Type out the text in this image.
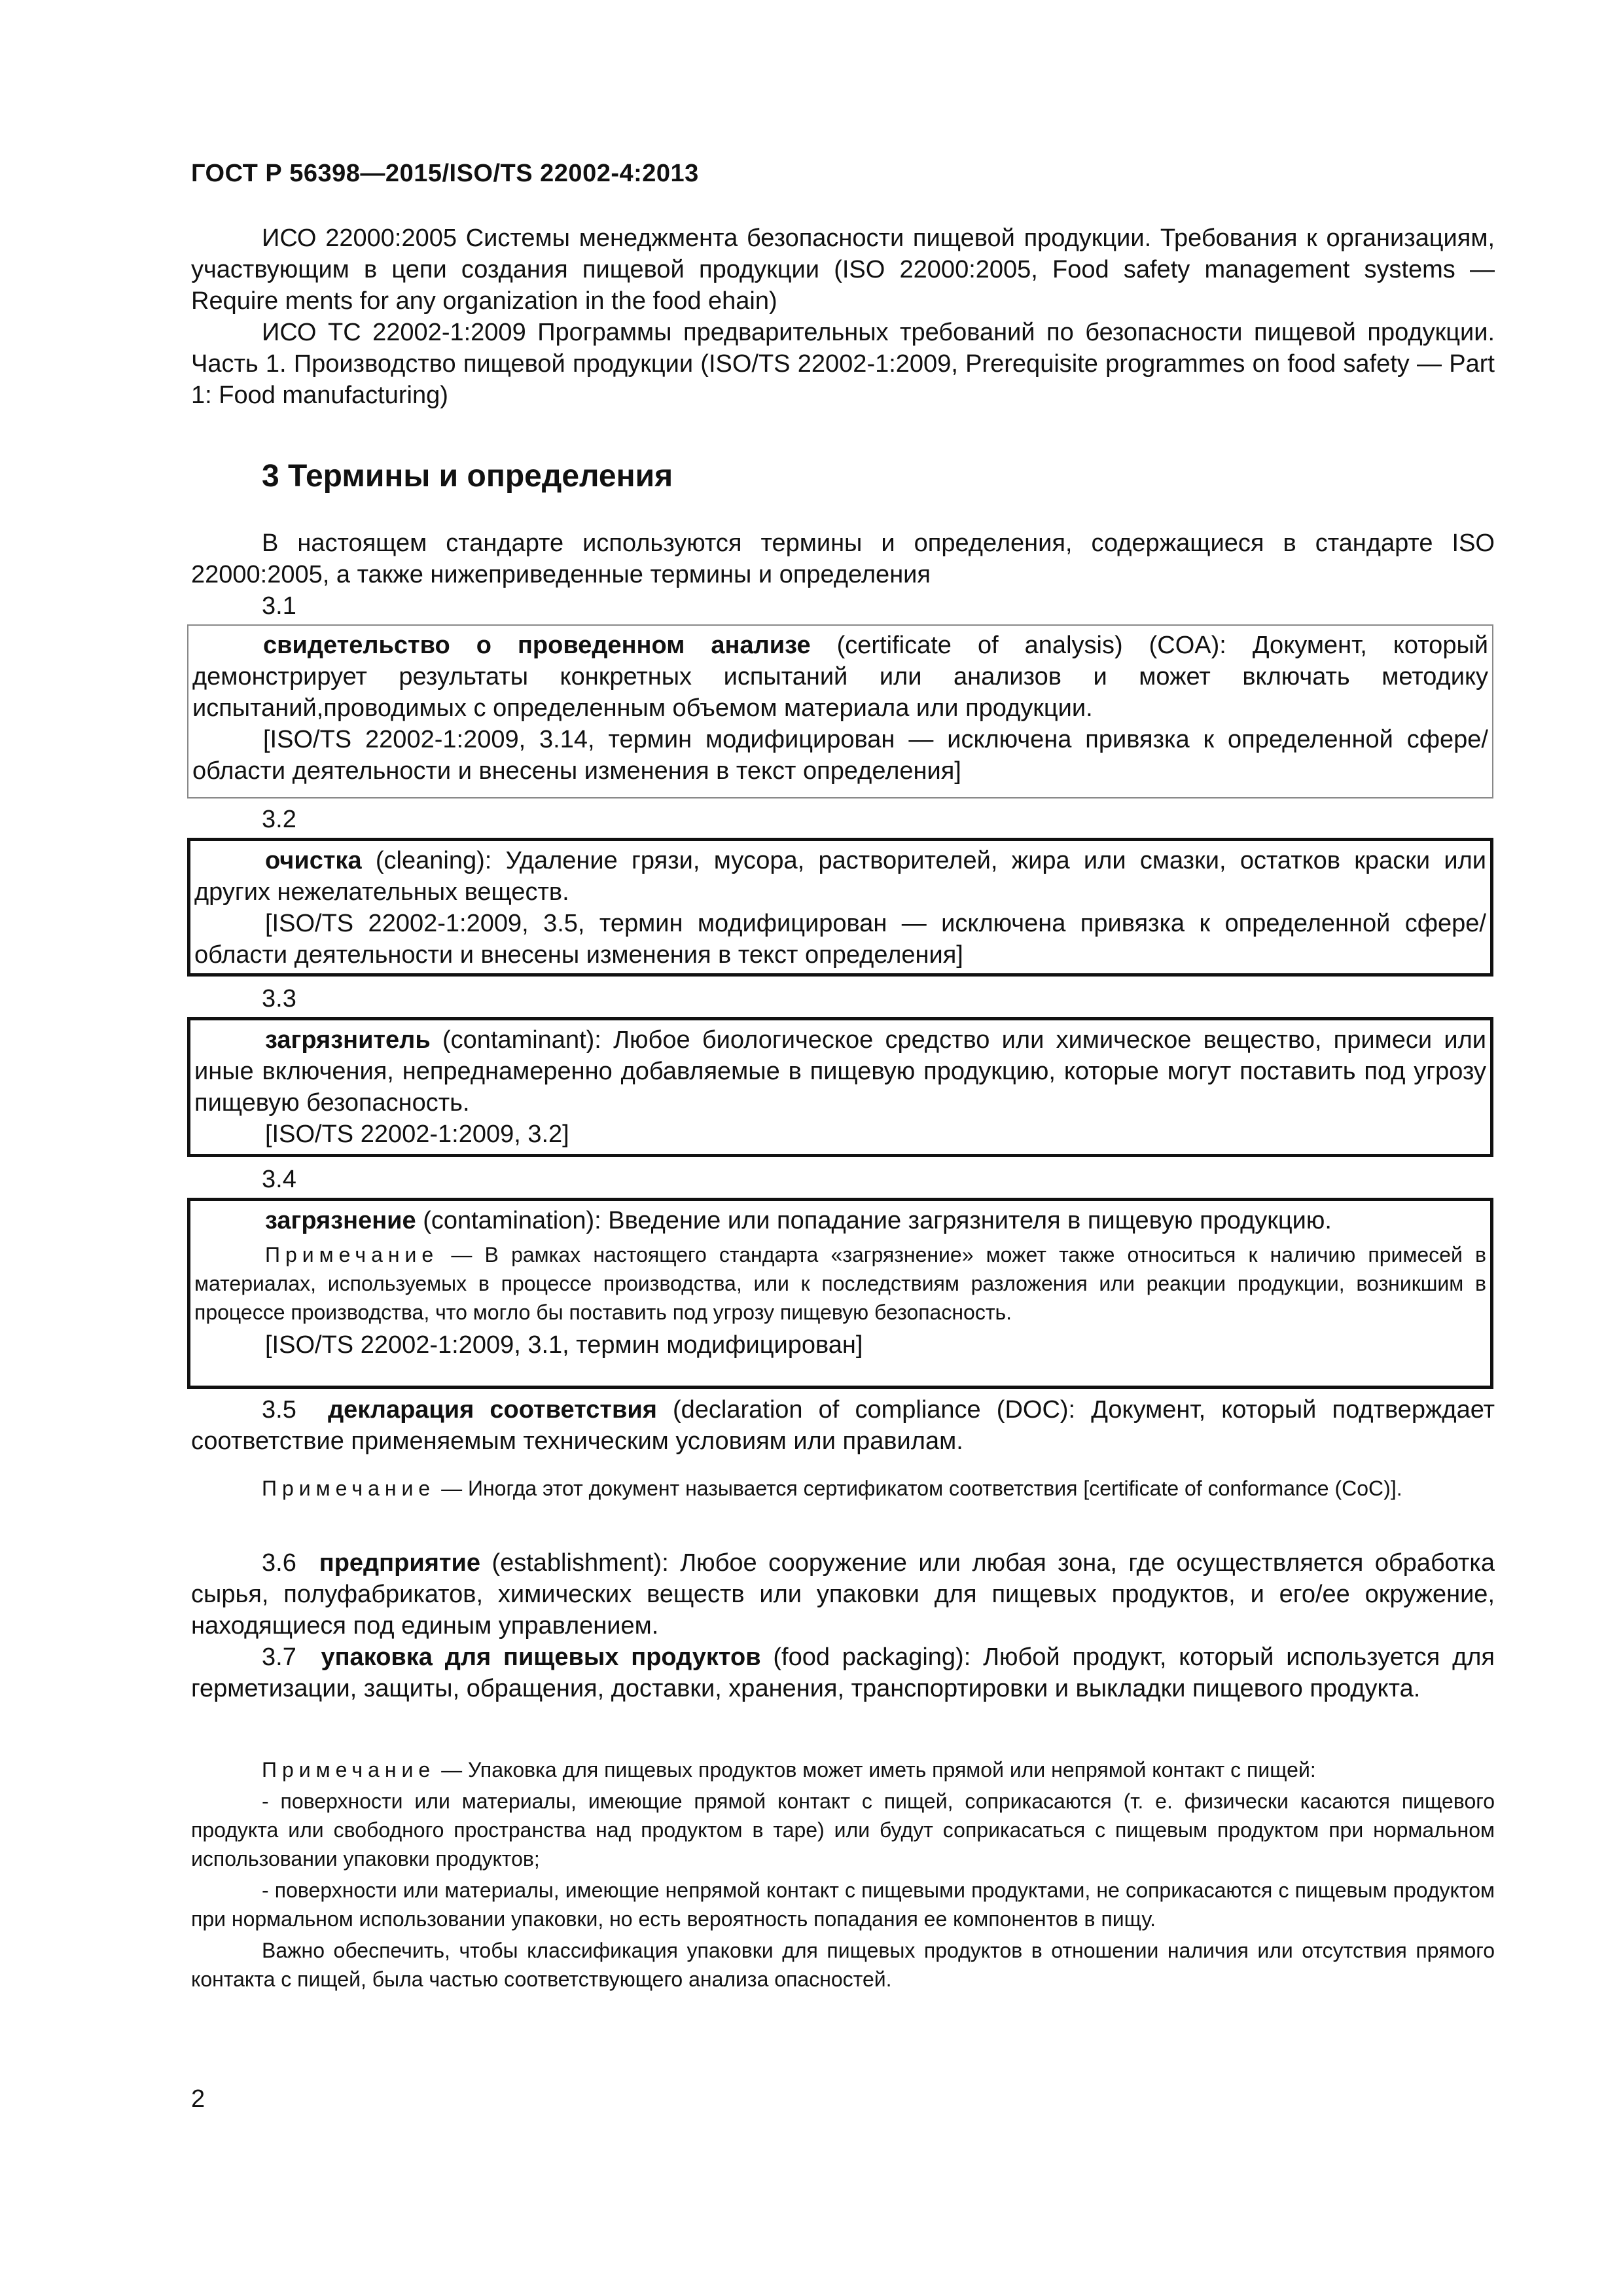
ГОСТ Р 56398—2015/ISO/TS 22002-4:2013

ИСО 22000:2005 Системы менеджмента безопасности пищевой продукции. Требования к организациям, участвующим в цепи создания пищевой продукции (ISO 22000:2005, Food safety management systems — Require ments for any organization in the food ehain)

ИСО ТС 22002-1:2009 Программы предварительных требований по безопасности пищевой продукции. Часть 1. Производство пищевой продукции (ISO/TS 22002-1:2009, Prerequisite programmes on food safety — Part 1: Food manufacturing)

3 Термины и определения

В настоящем стандарте используются термины и определения, содержащиеся в стандарте ISO 22000:2005, а также нижеприведенные термины и определения

3.1

свидетельство о проведенном анализе (certificate of analysis) (COA): Документ, который демонстрирует результаты конкретных испытаний или анализов и может включать методику испытаний,проводимых с определенным объемом материала или продукции.

[ISO/TS 22002-1:2009, 3.14, термин модифицирован — исключена привязка к определенной сфере/области деятельности и внесены изменения в текст определения]

3.2

очистка (cleaning): Удаление грязи, мусора, растворителей, жира или смазки, остатков краски или других нежелательных веществ.

[ISO/TS 22002-1:2009, 3.5, термин модифицирован — исключена привязка к определенной сфере/области деятельности и внесены изменения в текст определения]

3.3

загрязнитель (contaminant): Любое биологическое средство или химическое вещество, примеси или иные включения, непреднамеренно добавляемые в пищевую продукцию, которые могут поставить под угрозу пищевую безопасность.

[ISO/TS 22002-1:2009, 3.2]

3.4

загрязнение (contamination): Введение или попадание загрязнителя в пищевую продукцию.

Примечание — В рамках настоящего стандарта «загрязнение» может также относиться к наличию примесей в материалах, используемых в процессе производства, или к последствиям разложения или реакции продукции, возникшим в процессе производства, что могло бы поставить под угрозу пищевую безопасность.

[ISO/TS 22002-1:2009, 3.1, термин модифицирован]

3.5 декларация соответствия (declaration of compliance (DOC): Документ, который подтверждает соответствие применяемым техническим условиям или правилам.

Примечание — Иногда этот документ называется сертификатом соответствия [certificate of conformance (CoC)].

3.6 предприятие (establishment): Любое сооружение или любая зона, где осуществляется обработка сырья, полуфабрикатов, химических веществ или упаковки для пищевых продуктов, и его/ее окружение, находящиеся под единым управлением.

3.7 упаковка для пищевых продуктов (food packaging): Любой продукт, который используется для герметизации, защиты, обращения, доставки, хранения, транспортировки и выкладки пищевого продукта.

Примечание — Упаковка для пищевых продуктов может иметь прямой или непрямой контакт с пищей:

- поверхности или материалы, имеющие прямой контакт с пищей, соприкасаются (т. е. физически касаются пищевого продукта или свободного пространства над продуктом в таре) или будут соприкасаться с пищевым продуктом при нормальном использовании упаковки продуктов;

- поверхности или материалы, имеющие непрямой контакт с пищевыми продуктами, не соприкасаются с пищевым продуктом при нормальном использовании упаковки, но есть вероятность попадания ее компонентов в пищу.

Важно обеспечить, чтобы классификация упаковки для пищевых продуктов в отношении наличия или отсутствия прямого контакта с пищей, была частью соответствующего анализа опасностей.

2
